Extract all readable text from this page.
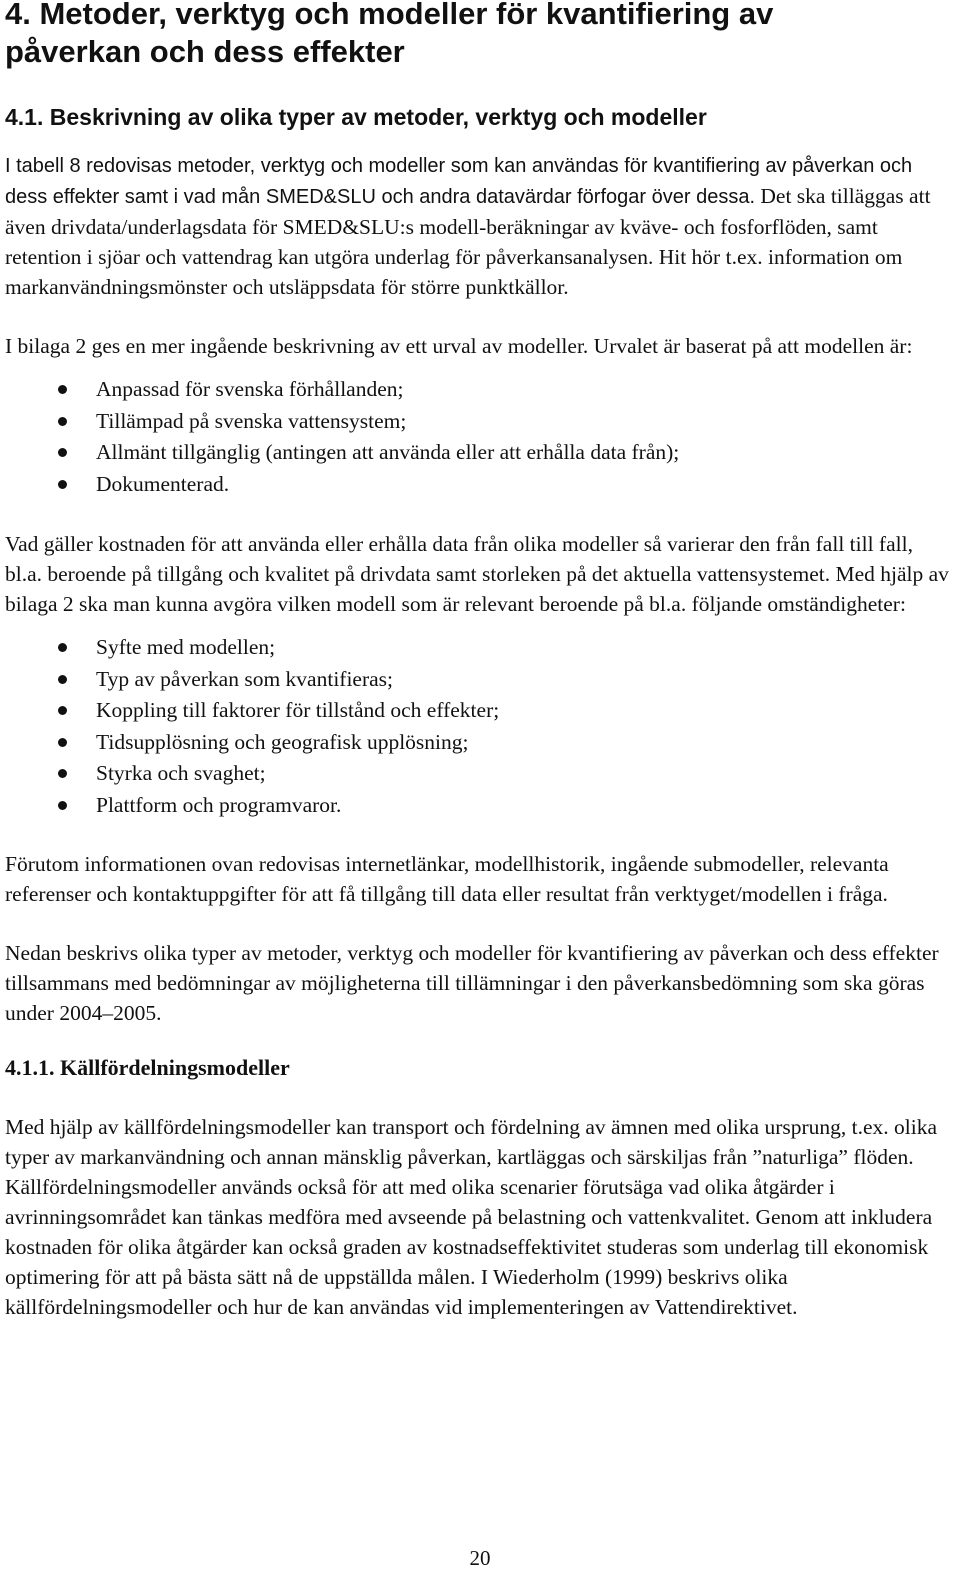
4. Metoder, verktyg och modeller för kvantifiering av
påverkan och dess effekter
4.1. Beskrivning av olika typer av metoder, verktyg och modeller

I tabell 8 redovisas metoder, verktyg och modeller som kan användas för kvantifiering av påverkan och dess effekter samt i vad mån SMED&SLU och andra datavärdar förfogar över dessa. Det ska tilläggas att även drivdata/underlagsdata för SMED&SLU:s modell-beräkningar av kväve- och fosforflöden, samt retention i sjöar och vattendrag kan utgöra underlag för påverkansanalysen. Hit hör t.ex. information om markanvändningsmönster och utsläppsdata för större punktkällor.

I bilaga 2 ges en mer ingående beskrivning av ett urval av modeller. Urvalet är baserat på att modellen är:

Anpassad för svenska förhållanden;
Tillämpad på svenska vattensystem;
Allmänt tillgänglig (antingen att använda eller att erhålla data från);
Dokumenterad.

Vad gäller kostnaden för att använda eller erhålla data från olika modeller så varierar den från fall till fall, bl.a. beroende på tillgång och kvalitet på drivdata samt storleken på det aktuella vattensystemet. Med hjälp av bilaga 2 ska man kunna avgöra vilken modell som är relevant beroende på bl.a. följande omständigheter:

Syfte med modellen;
Typ av påverkan som kvantifieras;
Koppling till faktorer för tillstånd och effekter;
Tidsupplösning och geografisk upplösning;
Styrka och svaghet;
Plattform och programvaror.

Förutom informationen ovan redovisas internetlänkar, modellhistorik, ingående submodeller, relevanta referenser och kontaktuppgifter för att få tillgång till data eller resultat från verktyget/modellen i fråga.

Nedan beskrivs olika typer av metoder, verktyg och modeller för kvantifiering av påverkan och dess effekter tillsammans med bedömningar av möjligheterna till tillämningar i den påverkansbedömning som ska göras under 2004–2005.

4.1.1. Källfördelningsmodeller

Med hjälp av källfördelningsmodeller kan transport och fördelning av ämnen med olika ursprung, t.ex. olika typer av markanvändning och annan mänsklig påverkan, kartläggas och särskiljas från ”naturliga” flöden. Källfördelningsmodeller används också för att med olika scenarier förutsäga vad olika åtgärder i avrinningsområdet kan tänkas medföra med avseende på belastning och vattenkvalitet. Genom att inkludera kostnaden för olika åtgärder kan också graden av kostnadseffektivitet studeras som underlag till ekonomisk optimering för att på bästa sätt nå de uppställda målen. I Wiederholm (1999) beskrivs olika källfördelningsmodeller och hur de kan användas vid implementeringen av Vattendirektivet.

20
